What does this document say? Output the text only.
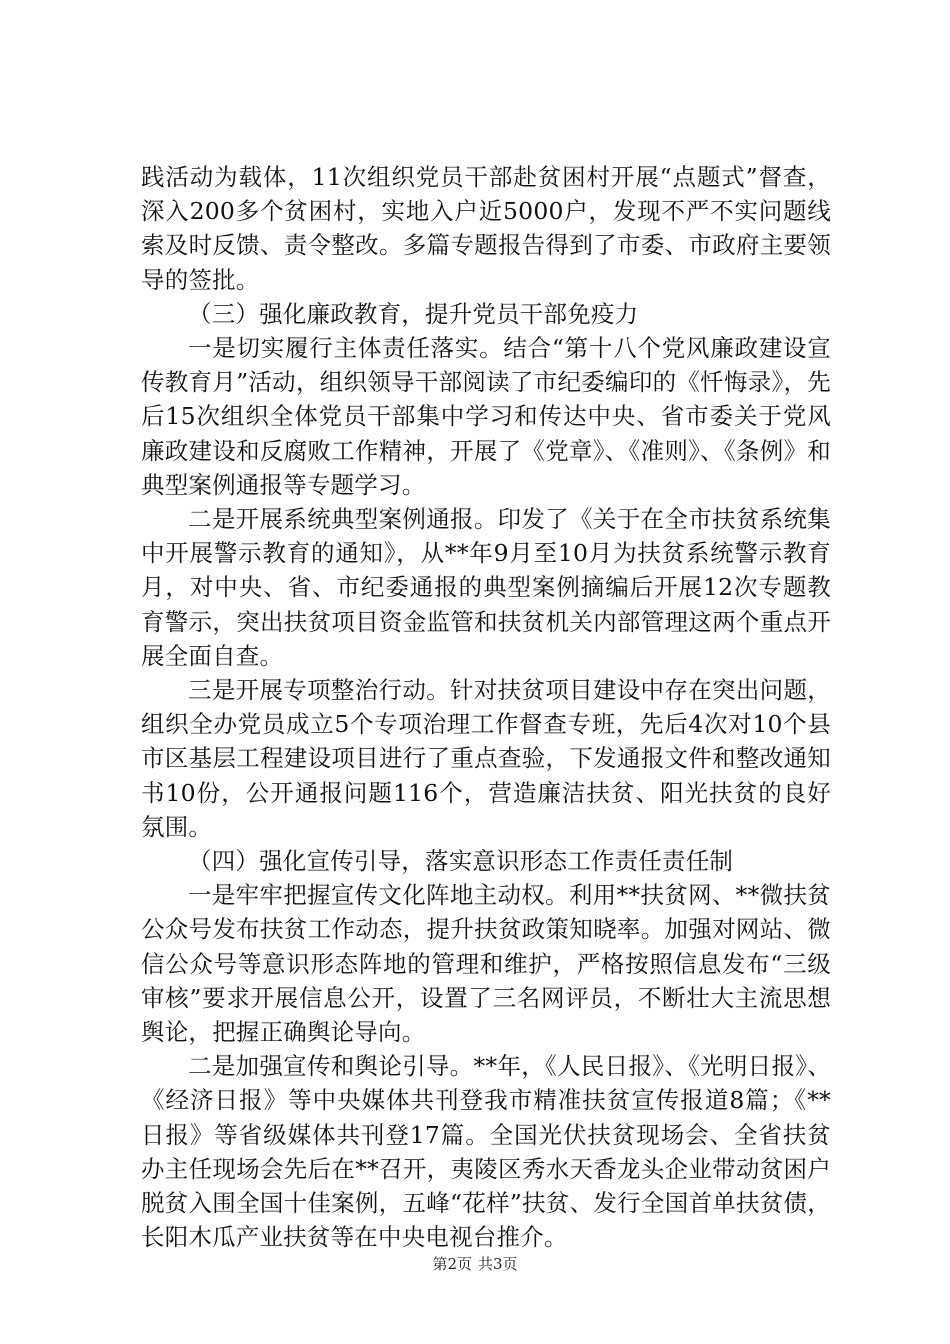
践活动为载体，11次组织党员干部赴贫困村开展“点题式”督查，深入200多个贫困村，实地入户近5000户，发现不严不实问题线索及时反馈、责令整改。多篇专题报告得到了市委、市政府主要领导的签批。

（三）强化廉政教育，提升党员干部免疫力

一是切实履行主体责任落实。结合“第十八个党风廉政建设宣传教育月”活动，组织领导干部阅读了市纪委编印的《忏悔录》，先后15次组织全体党员干部集中学习和传达中央、省市委关于党风廉政建设和反腐败工作精神，开展了《党章》、《准则》、《条例》和典型案例通报等专题学习。

二是开展系统典型案例通报。印发了《关于在全市扶贫系统集中开展警示教育的通知》，从**年9月至10月为扶贫系统警示教育月，对中央、省、市纪委通报的典型案例摘编后开展12次专题教育警示，突出扶贫项目资金监管和扶贫机关内部管理这两个重点开展全面自查。

三是开展专项整治行动。针对扶贫项目建设中存在突出问题，组织全办党员成立5个专项治理工作督查专班，先后4次对10个县市区基层工程建设项目进行了重点查验，下发通报文件和整改通知书10份，公开通报问题116个，营造廉洁扶贫、阳光扶贫的良好氛围。

（四）强化宣传引导，落实意识形态工作责任责任制

一是牢牢把握宣传文化阵地主动权。利用**扶贫网、**微扶贫公众号发布扶贫工作动态，提升扶贫政策知晓率。加强对网站、微信公众号等意识形态阵地的管理和维护，严格按照信息发布“三级审核”要求开展信息公开，设置了三名网评员，不断壮大主流思想舆论，把握正确舆论导向。

二是加强宣传和舆论引导。**年，《人民日报》、《光明日报》、《经济日报》等中央媒体共刊登我市精准扶贫宣传报道8篇；《**日报》等省级媒体共刊登17篇。全国光伏扶贫现场会、全省扶贫办主任现场会先后在**召开，夷陵区秀水天香龙头企业带动贫困户脱贫入围全国十佳案例，五峰“花样”扶贫、发行全国首单扶贫债，长阳木瓜产业扶贫等在中央电视台推介。

第2页 共3页
